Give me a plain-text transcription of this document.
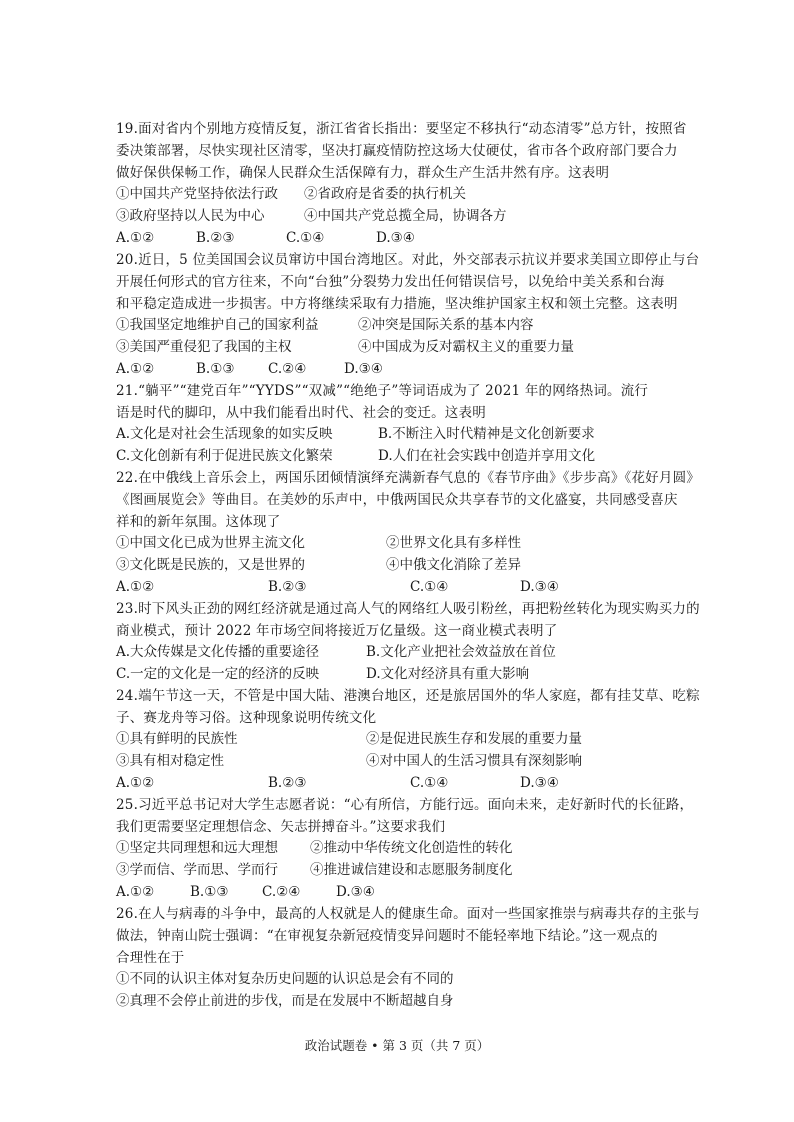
19.面对省内个别地方疫情反复，浙江省省长指出：要坚定不移执行“动态清零”总方针，按照省
委决策部署，尽快实现社区清零，坚决打赢疫情防控这场大仗硬仗，省市各个政府部门要合力
做好保供保畅工作，确保人民群众生活保障有力，群众生产生活井然有序。这表明
①中国共产党坚持依法行政 ②省政府是省委的执行机关
③政府坚持以人民为中心	④中国共产党总揽全局，协调各方
A.①②	B.②③	C.①④	D.③④
20.近日，5 位美国国会议员窜访中国台湾地区。对此，外交部表示抗议并要求美国立即停止与台
开展任何形式的官方往来，不向“台独”分裂势力发出任何错误信号，以免给中美关系和台海
和平稳定造成进一步损害。中方将继续采取有力措施，坚决维护国家主权和领土完整。这表明
①我国坚定地维护自己的国家利益	②冲突是国际关系的基本内容
③美国严重侵犯了我国的主权	④中国成为反对霸权主义的重要力量
A.①②	B.①③ C.②④	D.③④
21.“躺平”“建党百年”“YYDS”“双减”“绝绝子”等词语成为了 2021 年的网络热词。流行
语是时代的脚印，从中我们能看出时代、社会的变迁。这表明
A.文化是对社会生活现象的如实反映	B.不断注入时代精神是文化创新要求
C.文化创新有利于促进民族文化繁荣	D.人们在社会实践中创造并享用文化
22.在中俄线上音乐会上，两国乐团倾情演绎充满新春气息的《春节序曲》《步步高》《花好月圆》
《图画展览会》等曲目。在美妙的乐声中，中俄两国民众共享春节的文化盛宴，共同感受喜庆
祥和的新年氛围。这体现了
①中国文化已成为世界主流文化	②世界文化具有多样性
③文化既是民族的，又是世界的	④中俄文化消除了差异
A.①②	B.②③	C.①④	D.③④
23.时下风头正劲的网红经济就是通过高人气的网络红人吸引粉丝，再把粉丝转化为现实购买力的
商业模式，预计 2022 年市场空间将接近万亿量级。这一商业模式表明了
A.大众传媒是文化传播的重要途径	B.文化产业把社会效益放在首位
C.一定的文化是一定的经济的反映	D.文化对经济具有重大影响
24.端午节这一天，不管是中国大陆、港澳台地区，还是旅居国外的华人家庭，都有挂艾草、吃粽
子、赛龙舟等习俗。这种现象说明传统文化
①具有鲜明的民族性	②是促进民族生存和发展的重要力量
③具有相对稳定性	④对中国人的生活习惯具有深刻影响
A.①②	B.②③	C.①④	D.③④
25.习近平总书记对大学生志愿者说：“心有所信，方能行远。面向未来，走好新时代的长征路，
我们更需要坚定理想信念、矢志拼搏奋斗。”这要求我们
①坚定共同理想和远大理想 ②推动中华传统文化创造性的转化
③学而信、学而思、学而行 ④推进诚信建设和志愿服务制度化
A.①②	B.①③ C.②④	D.③④
26.在人与病毒的斗争中，最高的人权就是人的健康生命。面对一些国家推崇与病毒共存的主张与
做法，钟南山院士强调：“在审视复杂新冠疫情变异问题时不能轻率地下结论。”这一观点的
合理性在于
①不同的认识主体对复杂历史问题的认识总是会有不同的
②真理不会停止前进的步伐，而是在发展中不断超越自身
政治试题卷 • 第 3 页（共 7 页）
